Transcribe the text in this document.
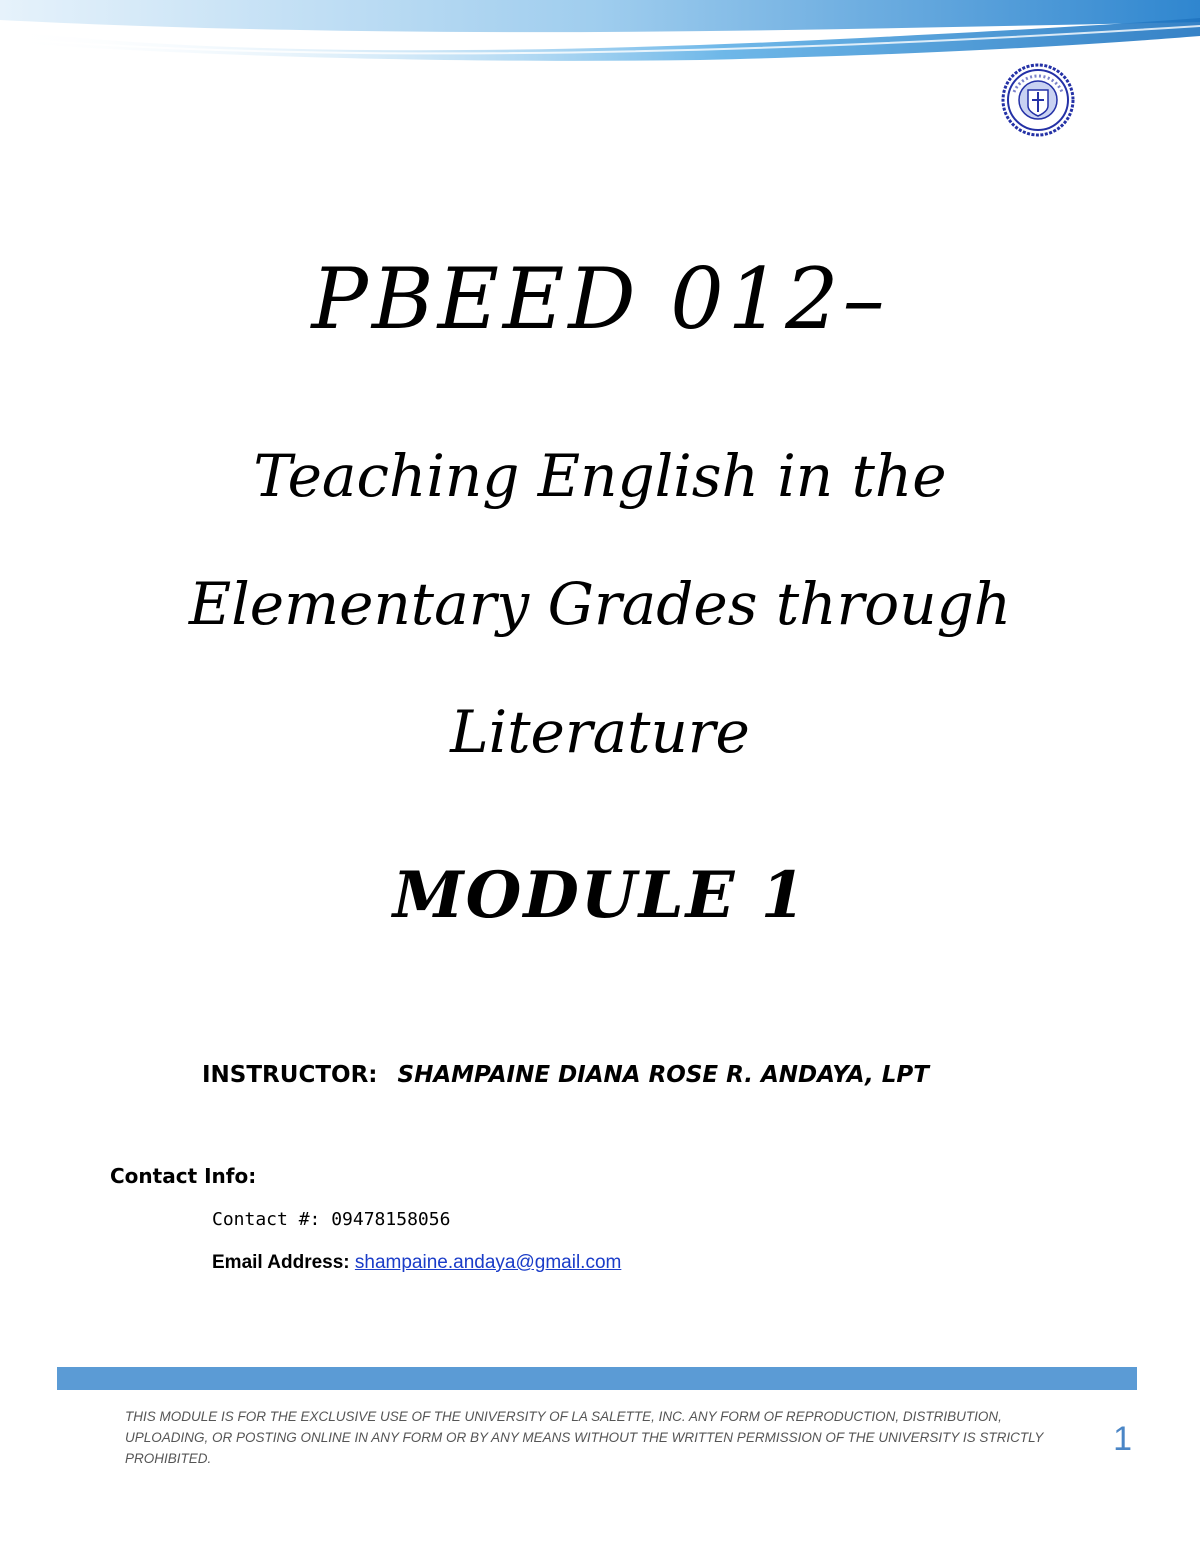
PBEED 012–
Teaching English in the
Elementary Grades through
Literature
MODULE 1
INSTRUCTOR: SHAMPAINE DIANA ROSE R. ANDAYA, LPT
Contact Info:
Contact #: 09478158056
Email Address: shampaine.andaya@gmail.com
THIS MODULE IS FOR THE EXCLUSIVE USE OF THE UNIVERSITY OF LA SALETTE, INC. ANY FORM OF REPRODUCTION, DISTRIBUTION, UPLOADING, OR POSTING ONLINE IN ANY FORM OR BY ANY MEANS WITHOUT THE WRITTEN PERMISSION OF THE UNIVERSITY IS STRICTLY PROHIBITED.
1
